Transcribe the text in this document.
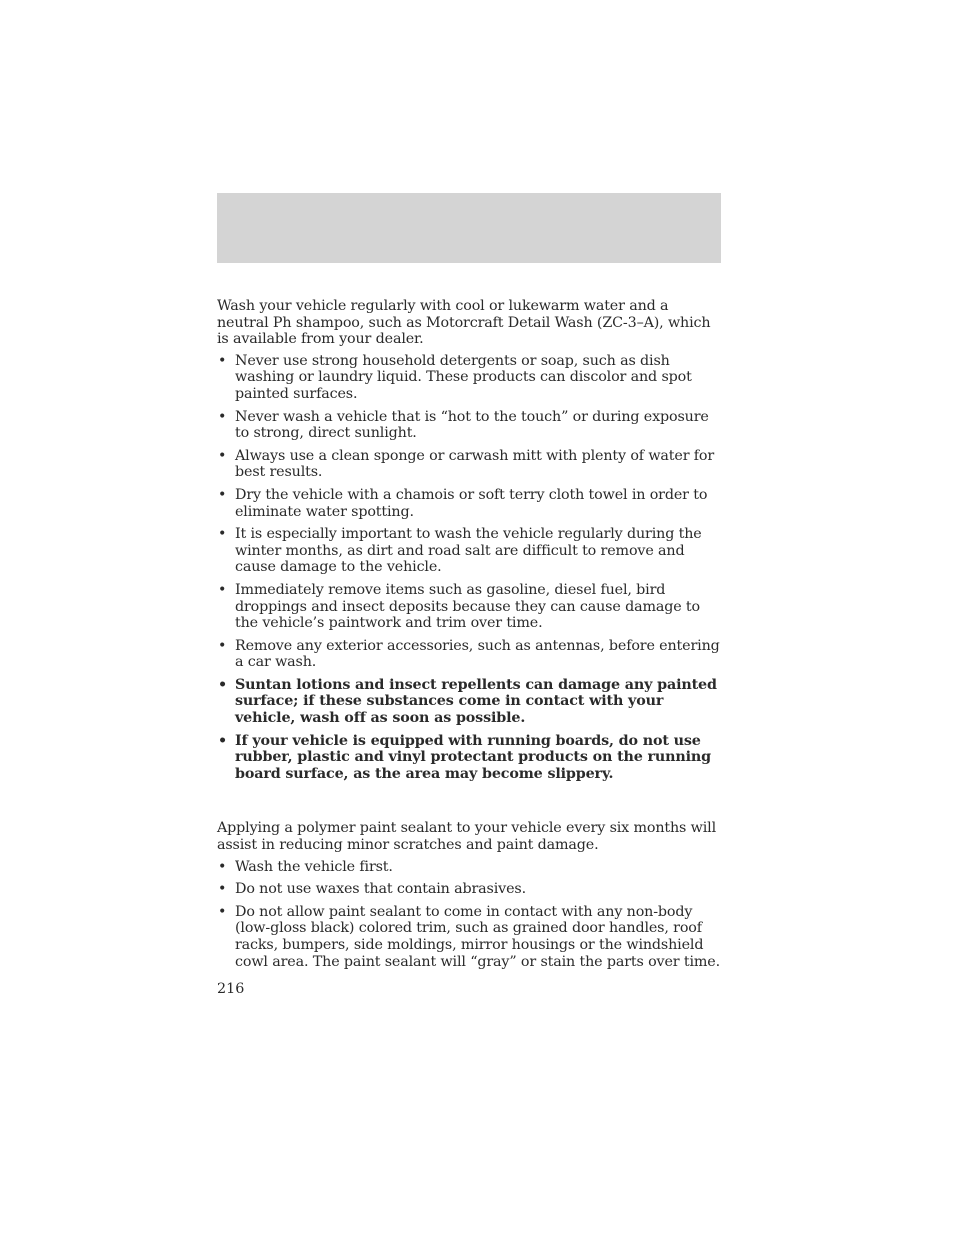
Wash your vehicle regularly with cool or lukewarm water and a neutral Ph shampoo, such as Motorcraft Detail Wash (ZC-3–A), which is available from your dealer.

• Never use strong household detergents or soap, such as dish washing or laundry liquid. These products can discolor and spot painted surfaces.
• Never wash a vehicle that is “hot to the touch” or during exposure to strong, direct sunlight.
• Always use a clean sponge or carwash mitt with plenty of water for best results.
• Dry the vehicle with a chamois or soft terry cloth towel in order to eliminate water spotting.
• It is especially important to wash the vehicle regularly during the winter months, as dirt and road salt are difficult to remove and cause damage to the vehicle.
• Immediately remove items such as gasoline, diesel fuel, bird droppings and insect deposits because they can cause damage to the vehicle’s paintwork and trim over time.
• Remove any exterior accessories, such as antennas, before entering a car wash.
• Suntan lotions and insect repellents can damage any painted surface; if these substances come in contact with your vehicle, wash off as soon as possible.
• If your vehicle is equipped with running boards, do not use rubber, plastic and vinyl protectant products on the running board surface, as the area may become slippery.

Applying a polymer paint sealant to your vehicle every six months will assist in reducing minor scratches and paint damage.

• Wash the vehicle first.
• Do not use waxes that contain abrasives.
• Do not allow paint sealant to come in contact with any non-body (low-gloss black) colored trim, such as grained door handles, roof racks, bumpers, side moldings, mirror housings or the windshield cowl area. The paint sealant will “gray” or stain the parts over time.
216
